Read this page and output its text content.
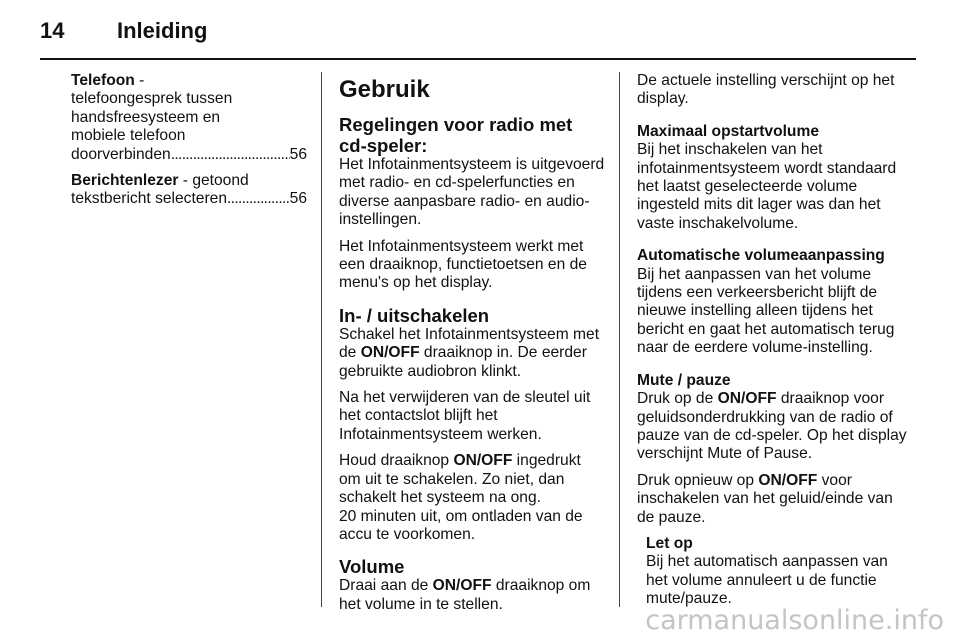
14 Inleiding
Telefoon -
telefoongesprek tussen
handsfreesysteem en
mobiele telefoon
doorverbinden . . .	56
Berichtenlezer - getoond
tekstbericht selecteren . . .	56
Gebruik
Regelingen voor radio met cd-speler:

Het Infotainmentsysteem is uitgevoerd met radio- en cd-spelerfuncties en diverse aanpasbare radio- en audio-instellingen.

Het Infotainmentsysteem werkt met een draaiknop, functietoetsen en de menu's op het display.

In- / uitschakelen

Schakel het Infotainmentsysteem met de ON/OFF draaiknop in. De eerder gebruikte audiobron klinkt.

Na het verwijderen van de sleutel uit het contactslot blijft het Infotainmentsysteem werken.

Houd draaiknop ON/OFF ingedrukt om uit te schakelen. Zo niet, dan schakelt het systeem na ong.

20 minuten uit, om ontladen van de accu te voorkomen.

Volume

Draai aan de ON/OFF draaiknop om het volume in te stellen.

De actuele instelling verschijnt op het display.

Maximaal opstartvolume

Bij het inschakelen van het infotainmentsysteem wordt standaard het laatst geselecteerde volume ingesteld mits dit lager was dan het vaste inschakelvolume.

Automatische volumeaanpassing

Bij het aanpassen van het volume tijdens een verkeersbericht blijft de nieuwe instelling alleen tijdens het bericht en gaat het automatisch terug naar de eerdere volume-instelling.

Mute / pauze

Druk op de ON/OFF draaiknop voor geluidsonderdrukking van de radio of pauze van de cd-speler. Op het display verschijnt Mute of Pause.

Druk opnieuw op ON/OFF voor inschakelen van het geluid/einde van de pauze.

Let op

Bij het automatisch aanpassen van het volume annuleert u de functie mute/pauze.

carmanualsonline.info
